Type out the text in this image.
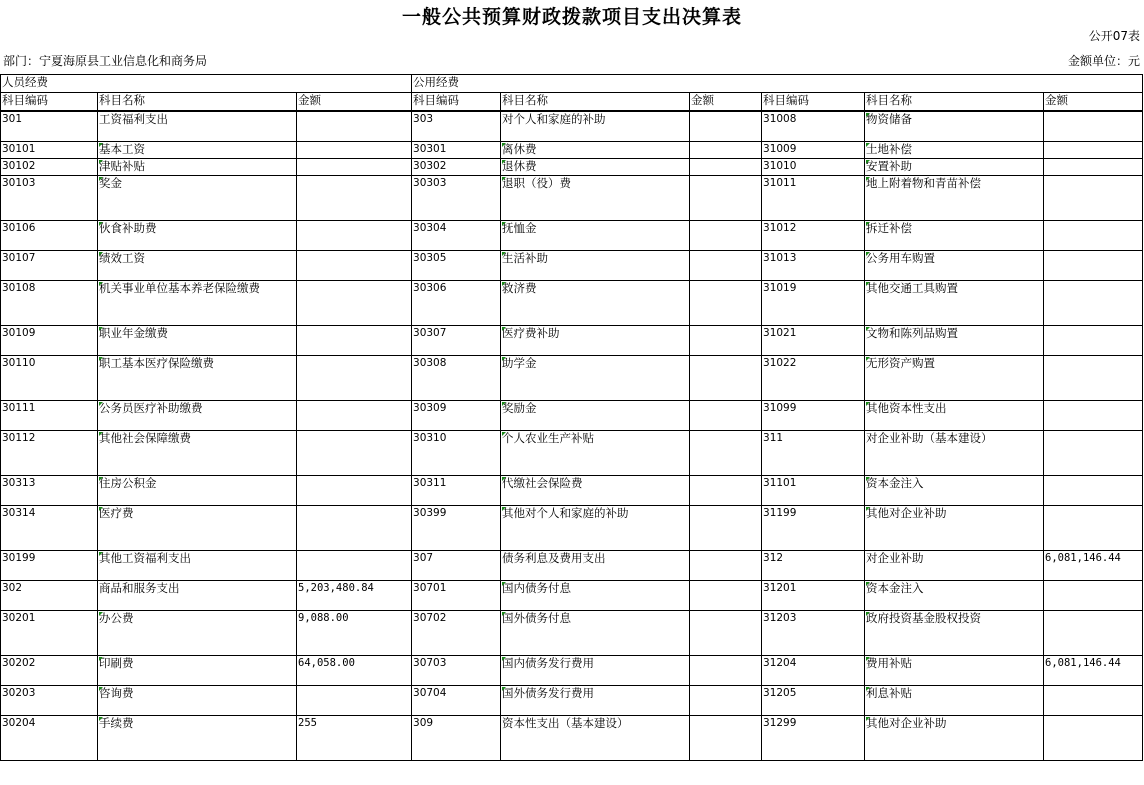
一般公共预算财政拨款项目支出决算表
公开07表
部门：宁夏海原县工业信息化和商务局	金额单位：元
人员经费			公用经费					
科目编码	科目名称	金额	科目编码	科目名称	金额	科目编码	科目名称	金额
301	工资福利支出		303	对个人和家庭的补助		31008	物资储备	
30101	基本工资		30301	离休费		31009	土地补偿	
30102	津贴补贴		30302	退休费		31010	安置补助	
30103	奖金		30303	退职（役）费		31011	地上附着物和青苗补偿	
30106	伙食补助费		30304	抚恤金		31012	拆迁补偿	
30107	绩效工资		30305	生活补助		31013	公务用车购置	
30108	机关事业单位基本养老保险缴费		30306	救济费		31019	其他交通工具购置	
30109	职业年金缴费		30307	医疗费补助		31021	文物和陈列品购置	
30110	职工基本医疗保险缴费		30308	助学金		31022	无形资产购置	
30111	公务员医疗补助缴费		30309	奖励金		31099	其他资本性支出	
30112	其他社会保障缴费		30310	个人农业生产补贴		311	对企业补助（基本建设）	
30313	住房公积金		30311	代缴社会保险费		31101	资本金注入	
30314	医疗费		30399	其他对个人和家庭的补助		31199	其他对企业补助	
30199	其他工资福利支出		307	债务利息及费用支出		312	对企业补助	6,081,146.44
302	商品和服务支出	5,203,480.84	30701	国内债务付息		31201	资本金注入	
30201	办公费	9,088.00	30702	国外债务付息		31203	政府投资基金股权投资	
30202	印刷费	64,058.00	30703	国内债务发行费用		31204	费用补贴	6,081,146.44
30203	咨询费		30704	国外债务发行费用		31205	利息补贴	
30204	手续费	255	309	资本性支出（基本建设）		31299	其他对企业补助	
